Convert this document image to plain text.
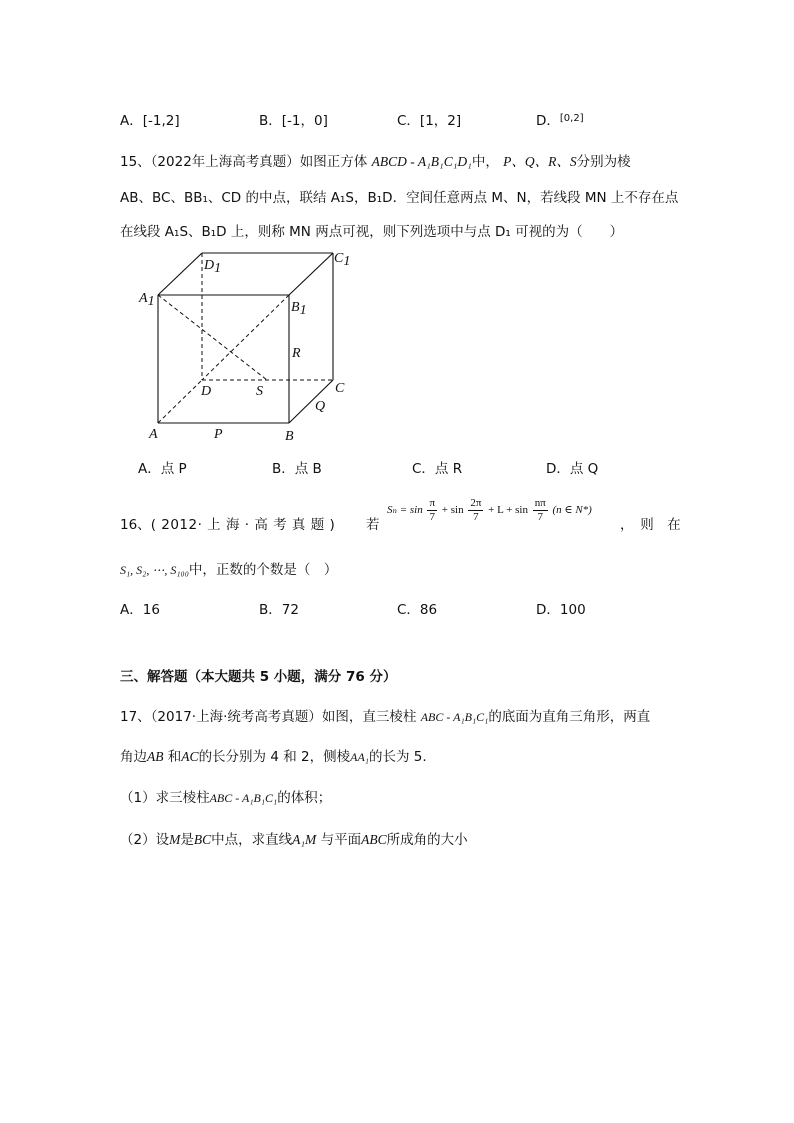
A．[-1,2]	B．[-1，0]	C．[1，2]	D．[0,2]
15、（2022年上海高考真题）如图正方体 ABCD - A₁B₁C₁D₁中， P、Q、R、S分别为棱
AB、BC、BB₁、CD 的中点，联结 A₁S，B₁D．空间任意两点 M、N，若线段 MN 上不存在点
在线段 A₁S、B₁D 上，则称 MN 两点可视，则下列选项中与点 D₁ 可视的为（　　）
D1
C1
A1	B1
R
D	S	C
Q
A	P	B
A．点 P	B．点 B	C．点 R	D．点 Q
16、( 2012· 上 海 · 高 考 真 题 ) 若
$S_n = \sin \frac{\pi}{7} + \sin \frac{2\pi}{7} + L + \sin \frac{n\pi}{7} (n$ ∈ N*)
，　则　在
S₁, S₂, ⋯, S₁₀₀中，正数的个数是（　）
A．16	B．72	C．86	D．100
三、解答题（本大题共 5 小题，满分 76 分）
17、（2017·上海·统考高考真题）如图，直三棱柱 ABC - A₁B₁C₁的底面为直角三角形，两直
角边AB 和AC的长分别为 4 和 2，侧棱AA₁的长为 5.
（1）求三棱柱ABC - A₁B₁C₁的体积；
（2）设M是BC中点，求直线A₁M 与平面ABC所成角的大小
